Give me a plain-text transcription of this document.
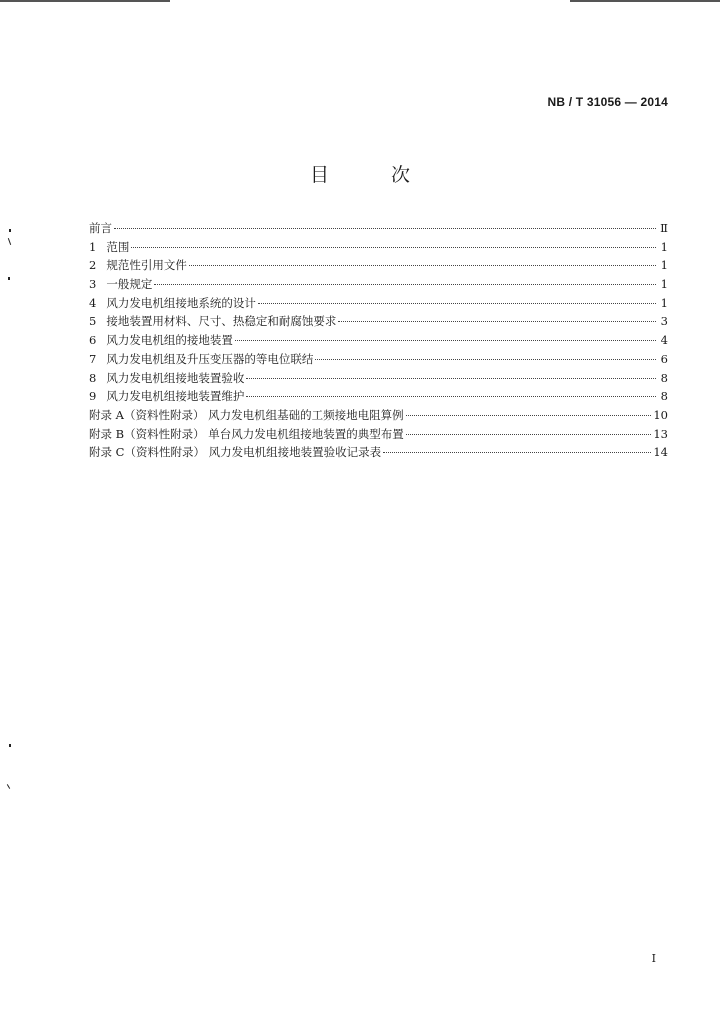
NB / T 31056 — 2014
目 次
前言	Ⅱ
1 范围	1
2 规范性引用文件	1
3 一般规定	1
4 风力发电机组接地系统的设计	1
5 接地装置用材料、尺寸、热稳定和耐腐蚀要求	3
6 风力发电机组的接地装置	4
7 风力发电机组及升压变压器的等电位联结	6
8 风力发电机组接地装置验收	8
9 风力发电机组接地装置维护	8
附录 A（资料性附录） 风力发电机组基础的工频接地电阻算例	10
附录 B（资料性附录） 单台风力发电机组接地装置的典型布置	13
附录 C（资料性附录） 风力发电机组接地装置验收记录表	14
I
